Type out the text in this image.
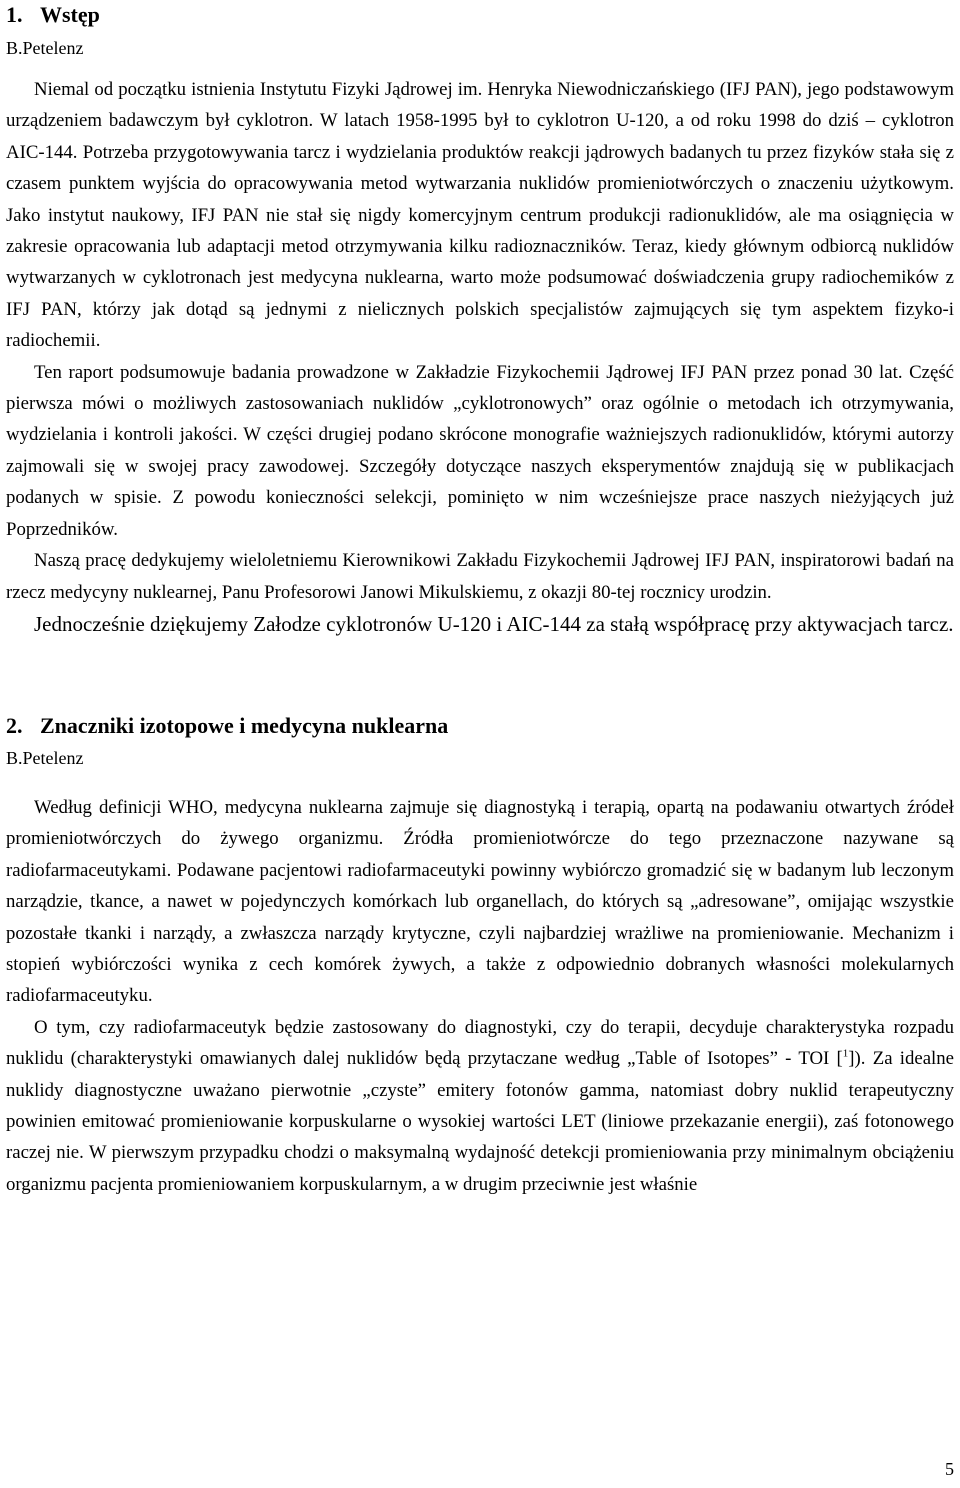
1. Wstęp
B.Petelenz

Niemal od początku istnienia Instytutu Fizyki Jądrowej im. Henryka Niewodniczańskiego (IFJ PAN), jego podstawowym urządzeniem badawczym był cyklotron. W latach 1958-1995 był to cyklotron U-120, a od roku 1998 do dziś – cyklotron AIC-144. Potrzeba przygotowywania tarcz i wydzielania produktów reakcji jądrowych badanych tu przez fizyków stała się z czasem punktem wyjścia do opracowywania metod wytwarzania nuklidów promieniotwórczych o znaczeniu użytkowym. Jako instytut naukowy, IFJ PAN nie stał się nigdy komercyjnym centrum produkcji radionuklidów, ale ma osiągnięcia w zakresie opracowania lub adaptacji metod otrzymywania kilku radioznaczników. Teraz, kiedy głównym odbiorcą nuklidów wytwarzanych w cyklotronach jest medycyna nuklearna, warto może podsumować doświadczenia grupy radiochemików z IFJ PAN, którzy jak dotąd są jednymi z nielicznych polskich specjalistów zajmujących się tym aspektem fizyko-i radiochemii.

Ten raport podsumowuje badania prowadzone w Zakładzie Fizykochemii Jądrowej IFJ PAN przez ponad 30 lat. Część pierwsza mówi o możliwych zastosowaniach nuklidów „cyklotronowych” oraz ogólnie o metodach ich otrzymywania, wydzielania i kontroli jakości. W części drugiej podano skrócone monografie ważniejszych radionuklidów, którymi autorzy zajmowali się w swojej pracy zawodowej. Szczegóły dotyczące naszych eksperymentów znajdują się w publikacjach podanych w spisie. Z powodu konieczności selekcji, pominięto w nim wcześniejsze prace naszych nieżyjących już Poprzedników.

Naszą pracę dedykujemy wieloletniemu Kierownikowi Zakładu Fizykochemii Jądrowej IFJ PAN, inspiratorowi badań na rzecz medycyny nuklearnej, Panu Profesorowi Janowi Mikulskiemu, z okazji 80-tej rocznicy urodzin.

Jednocześnie dziękujemy Załodze cyklotronów U-120 i AIC-144 za stałą współpracę przy aktywacjach tarcz.

2. Znaczniki izotopowe i medycyna nuklearna
B.Petelenz

Według definicji WHO, medycyna nuklearna zajmuje się diagnostyką i terapią, opartą na podawaniu otwartych źródeł promieniotwórczych do żywego organizmu. Źródła promieniotwórcze do tego przeznaczone nazywane są radiofarmaceutykami. Podawane pacjentowi radiofarmaceutyki powinny wybiórczo gromadzić się w badanym lub leczonym narządzie, tkance, a nawet w pojedynczych komórkach lub organellach, do których są „adresowane”, omijając wszystkie pozostałe tkanki i narządy, a zwłaszcza narządy krytyczne, czyli najbardziej wrażliwe na promieniowanie. Mechanizm i stopień wybiórczości wynika z cech komórek żywych, a także z odpowiednio dobranych własności molekularnych radiofarmaceutyku.

O tym, czy radiofarmaceutyk będzie zastosowany do diagnostyki, czy do terapii, decyduje charakterystyka rozpadu nuklidu (charakterystyki omawianych dalej nuklidów będą przytaczane według „Table of Isotopes” - TOI [$^1$]). Za idealne nuklidy diagnostyczne uważano pierwotnie „czyste” emitery fotonów gamma, natomiast dobry nuklid terapeutyczny powinien emitować promieniowanie korpuskularne o wysokiej wartości LET (liniowe przekazanie energii), zaś fotonowego raczej nie. W pierwszym przypadku chodzi o maksymalną wydajność detekcji promieniowania przy minimalnym obciążeniu organizmu pacjenta promieniowaniem korpuskularnym, a w drugim przeciwnie jest właśnie

5
